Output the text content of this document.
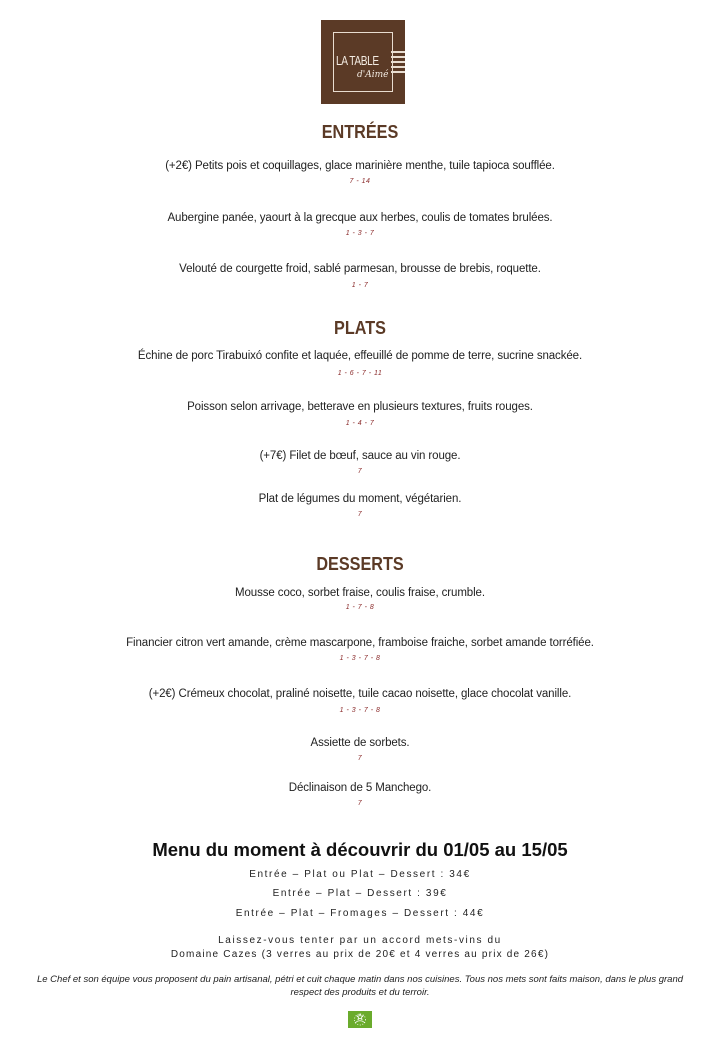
LA TABLE
d'Aimé
ENTRÉES
(+2€) Petits pois et coquillages, glace marinière menthe, tuile tapioca soufflée.
7 - 14
Aubergine panée, yaourt à la grecque aux herbes, coulis de tomates brulées.
1 - 3 - 7
Velouté de courgette froid, sablé parmesan, brousse de brebis, roquette.
1 - 7
PLATS
Échine de porc Tirabuixó confite et laquée, effeuillé de pomme de terre, sucrine snackée.
1 - 6 - 7 - 11
Poisson selon arrivage, betterave en plusieurs textures, fruits rouges.
1 - 4 - 7
(+7€) Filet de bœuf, sauce au vin rouge.
7
Plat de légumes du moment, végétarien.
7
DESSERTS
Mousse coco, sorbet fraise, coulis fraise, crumble.
1 - 7 - 8
Financier citron vert amande, crème mascarpone, framboise fraiche, sorbet amande torréfiée.
1 - 3 - 7 - 8
(+2€) Crémeux chocolat, praliné noisette, tuile cacao noisette, glace chocolat vanille.
1 - 3 - 7 - 8
Assiette de sorbets.
7
Déclinaison de 5 Manchego.
7
Menu du moment à découvrir du 01/05 au 15/05
Entrée – Plat ou Plat – Dessert : 34€
Entrée – Plat – Dessert : 39€
Entrée – Plat – Fromages – Dessert : 44€
Laissez-vous tenter par un accord mets-vins du
Domaine Cazes (3 verres au prix de 20€ et 4 verres au prix de 26€)
Le Chef et son équipe vous proposent du pain artisanal, pétri et cuit chaque matin dans nos cuisines. Tous nos mets sont faits maison, dans le plus grand respect des produits et du terroir.
